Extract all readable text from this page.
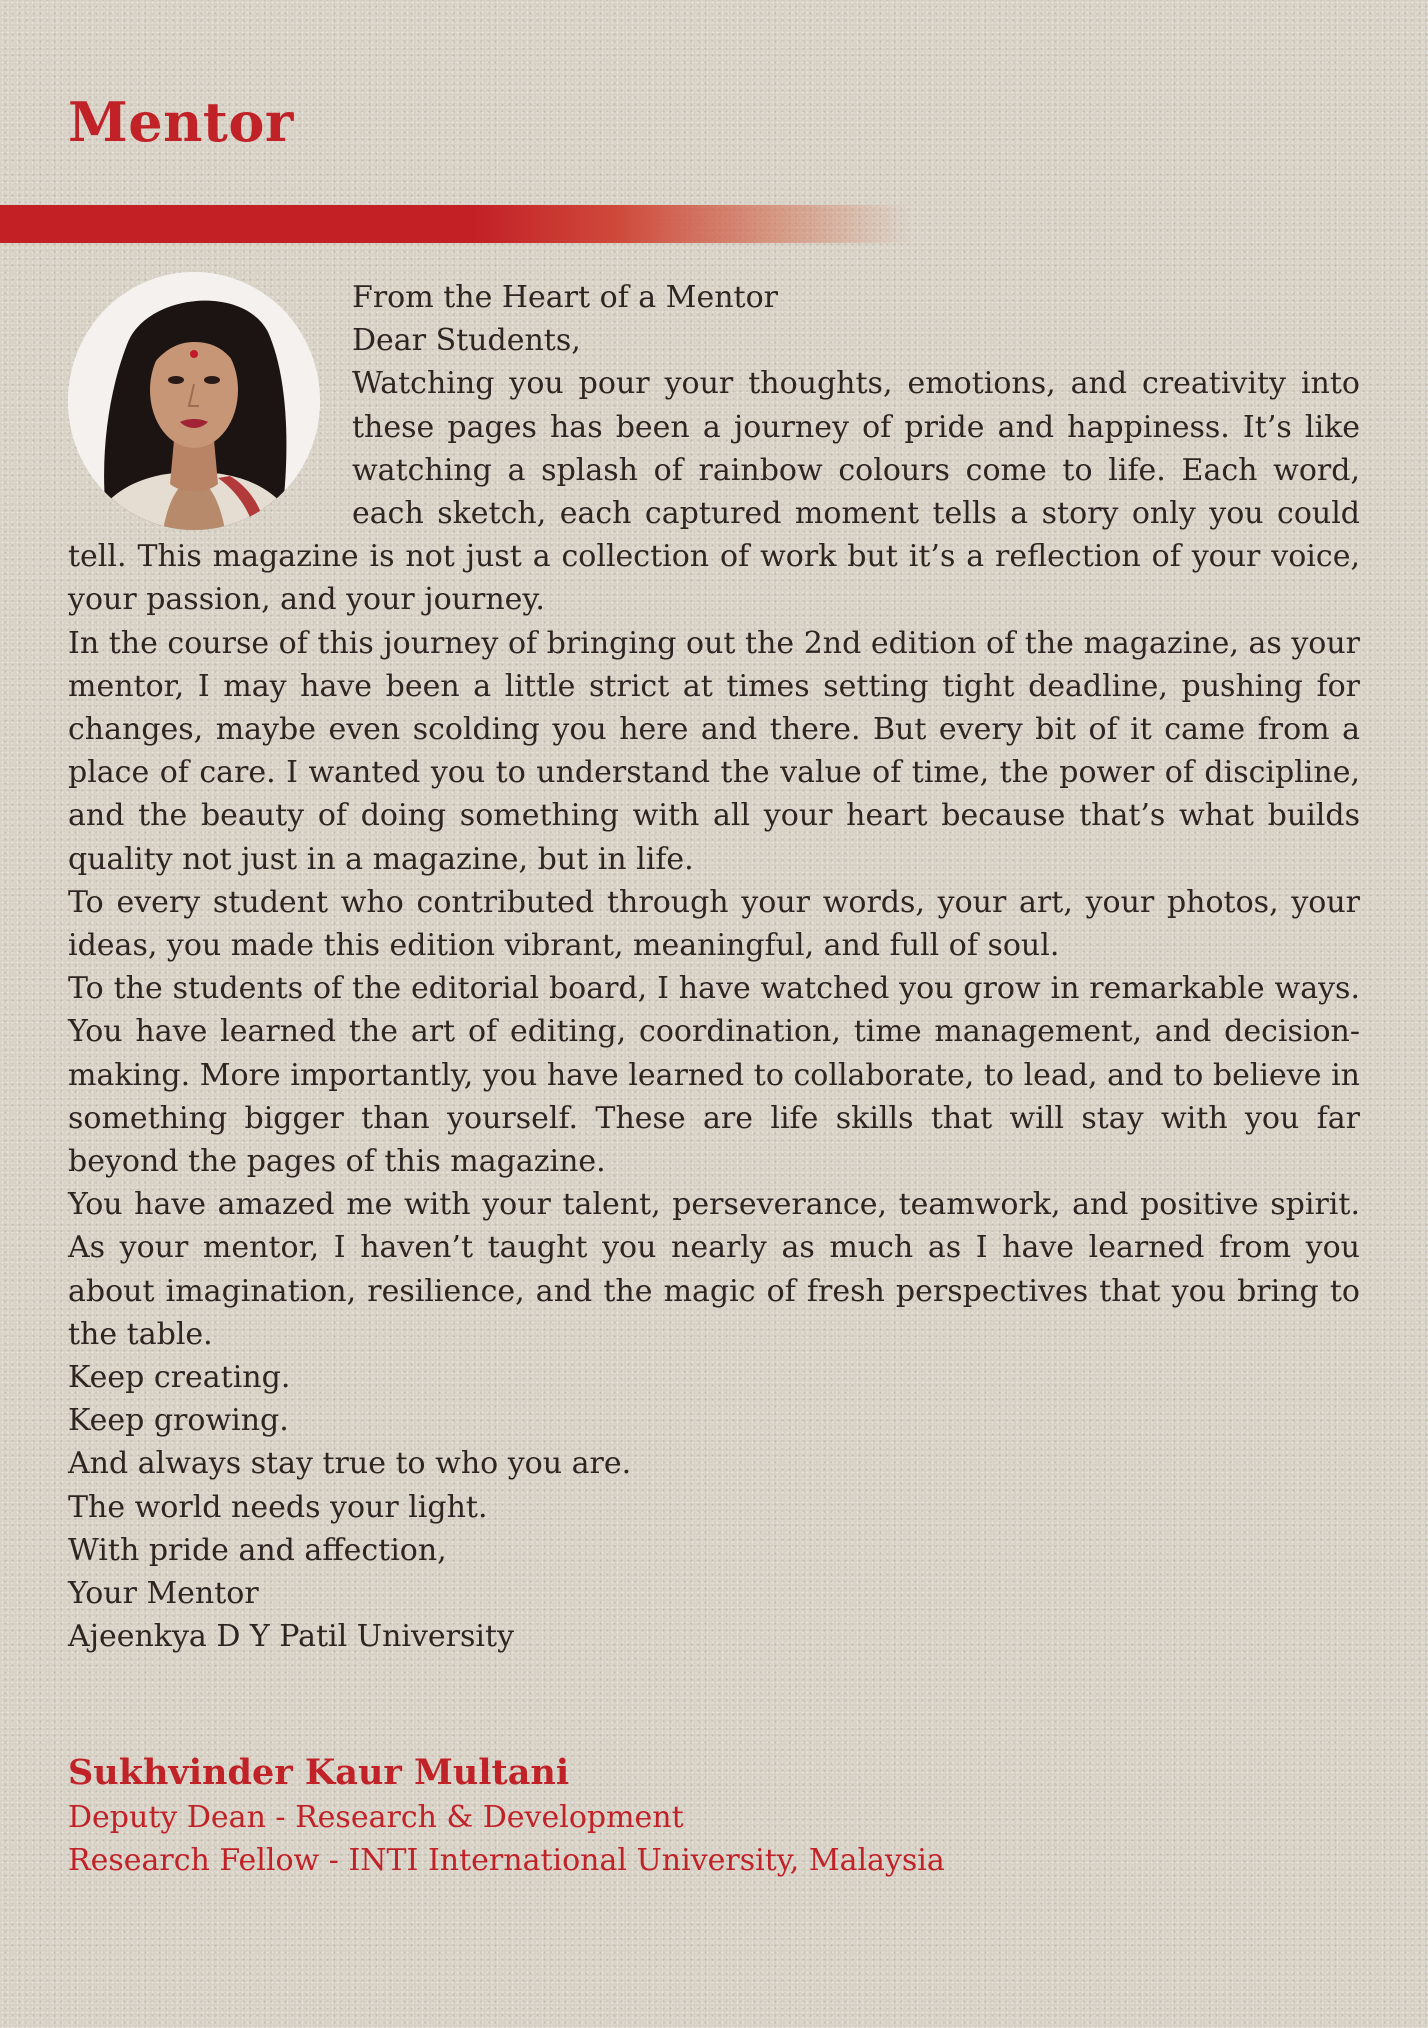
Mentor

From the Heart of a Mentor

Dear Students,

Watching you pour your thoughts, emotions, and creativity into these pages has been a journey of pride and happiness. It’s like watching a splash of rainbow colours come to life. Each word, each sketch, each captured moment tells a story only you could tell. This magazine is not just a collection of work but it’s a reflection of your voice, your passion, and your journey.

In the course of this journey of bringing out the 2nd edition of the magazine, as your mentor, I may have been a little strict at times setting tight deadline, pushing for changes, maybe even scolding you here and there. But every bit of it came from a place of care. I wanted you to understand the value of time, the power of discipline, and the beauty of doing something with all your heart because that’s what builds quality not just in a magazine, but in life.

To every student who contributed through your words, your art, your photos, your ideas, you made this edition vibrant, meaningful, and full of soul.

To the students of the editorial board, I have watched you grow in remarkable ways. You have learned the art of editing, coordination, time management, and decision-making. More importantly, you have learned to collaborate, to lead, and to believe in something bigger than yourself. These are life skills that will stay with you far beyond the pages of this magazine.

You have amazed me with your talent, perseverance, teamwork, and positive spirit. As your mentor, I haven’t taught you nearly as much as I have learned from you about imagination, resilience, and the magic of fresh perspectives that you bring to the table.

Keep creating.

Keep growing.

And always stay true to who you are.

The world needs your light.

With pride and affection,

Your Mentor

Ajeenkya D Y Patil University

Sukhvinder Kaur Multani

Deputy Dean - Research & Development

Research Fellow - INTI International University, Malaysia
